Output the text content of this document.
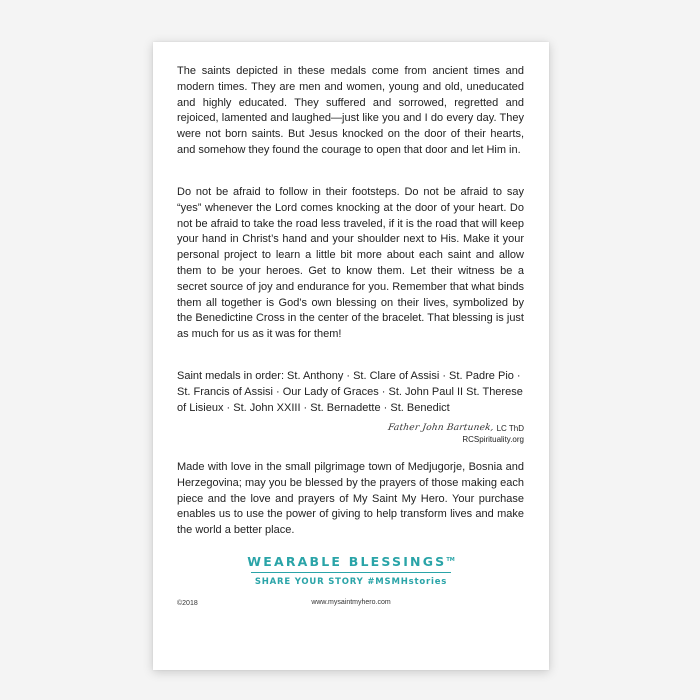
The saints depicted in these medals come from ancient times and modern times. They are men and women, young and old, uneducated and highly educated. They suffered and sorrowed, regretted and rejoiced, lamented and laughed—just like you and I do every day. They were not born saints. But Jesus knocked on the door of their hearts, and somehow they found the courage to open that door and let Him in.

Do not be afraid to follow in their footsteps. Do not be afraid to say “yes” whenever the Lord comes knocking at the door of your heart. Do not be afraid to take the road less traveled, if it is the road that will keep your hand in Christ’s hand and your shoulder next to His. Make it your personal project to learn a little bit more about each saint and allow them to be your heroes. Get to know them. Let their witness be a secret source of joy and endurance for you. Remember that what binds them all together is God’s own blessing on their lives, symbolized by the Benedictine Cross in the center of the bracelet. That blessing is just as much for us as it was for them!

Saint medals in order: St. Anthony · St. Clare of Assisi · St. Padre Pio · St. Francis of Assisi · Our Lady of Graces · St. John Paul II St. Therese of Lisieux · St. John XXIII · St. Bernadette · St. Benedict

Father John Bartunek, LC ThD
RCSpirituality.org

Made with love in the small pilgrimage town of Medjugorje, Bosnia and Herzegovina; may you be blessed by the prayers of those making each piece and the love and prayers of My Saint My Hero. Your purchase enables us to use the power of giving to help transform lives and make the world a better place.

WEARABLE BLESSINGS™
SHARE YOUR STORY #MSMHstories
©2018	www.mysaintmyhero.com
